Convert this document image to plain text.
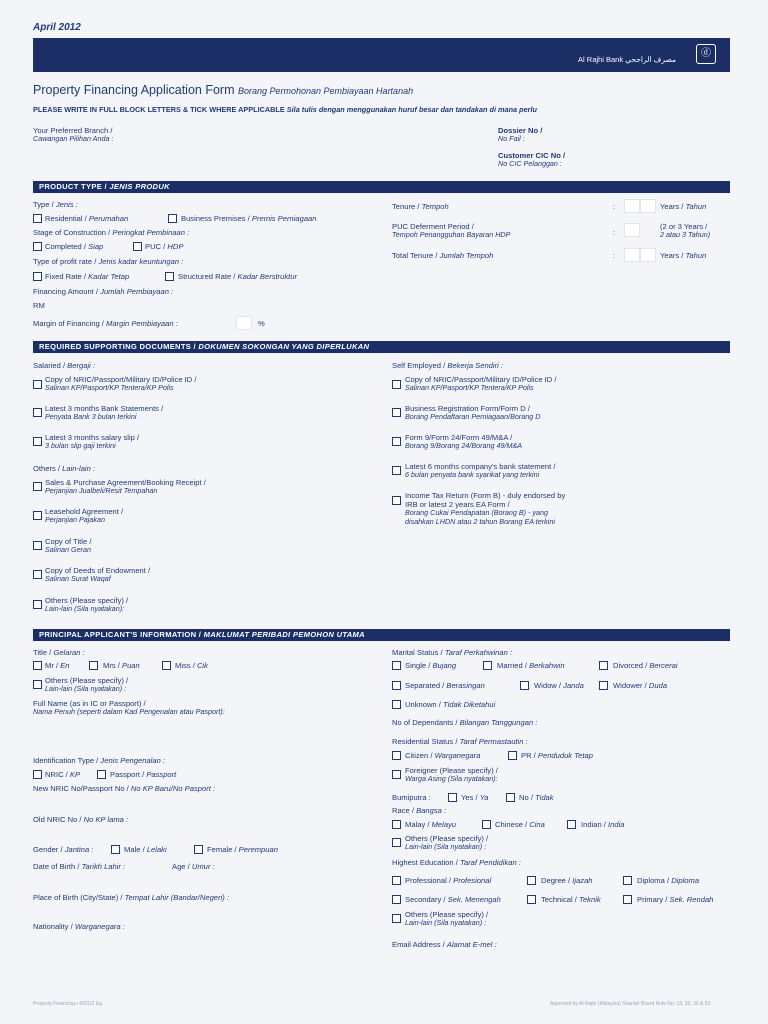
April 2012
Al Rajhi Bank مصرف الراجحي
ⓓ
Property Financing Application Form Borang Permohonan Pembiayaan Hartanah
PLEASE WRITE IN FULL BLOCK LETTERS & TICK WHERE APPLICABLE Sila tulis dengan menggunakan huruf besar dan tandakan di mana perlu
Your Preferred Branch /
Cawangan Pilihan Anda :
Dossier No /
No Fail :
Customer CIC No /
No CIC Pelanggan :
PRODUCT TYPE / JENIS PRODUK
Type / Jenis :
Residential / Perumahan	Business Premises / Premis Perniagaan
Stage of Construction / Peringkat Pembinaan :
Completed / Siap	PUC / HDP
Type of profit rate / Jenis kadar keuntungan :
Fixed Rate / Kadar Tetap	Structured Rate / Kadar Berstruktur
Financing Amount / Jumlah Pembiayaan :
RM
Margin of Financing / Margin Pembiayaan :	%
Tenure / Tempoh	:	Years / Tahun
PUC Deferment Period /
Tempoh Penangguhan Bayaran HDP	:
(2 or 3 Years /
2 atau 3 Tahun)
Total Tenure / Jumlah Tempoh	:	Years / Tahun
REQUIRED SUPPORTING DOCUMENTS / DOKUMEN SOKONGAN YANG DIPERLUKAN
Salaried / Bergaji :
Copy of NRIC/Passport/Military ID/Police ID /
Salinan KP/Pasport/KP Tentera/KP Polis
Latest 3 months Bank Statements /
Penyata Bank 3 bulan terkini
Latest 3 months salary slip /
3 bulan slip gaji terkini
Others / Lain-lain :
Sales & Purchase Agreement/Booking Receipt /
Perjanjian Jualbeli/Resit Tempahan
Leasehold Agreement /
Perjanjian Pajakan
Copy of Title /
Salinan Geran
Copy of Deeds of Endowment /
Salinan Surat Waqaf
Others (Please specify) /
Lain-lain (Sila nyatakan):
Self Employed / Bekerja Sendiri :
Copy of NRIC/Passport/Military ID/Police ID /
Salinan KP/Pasport/KP Tentera/KP Polis
Business Registration Form/Form D /
Borang Pendaftaran Perniagaan/Borang D
Form 9/Form 24/Form 49/M&A /
Borang 9/Borang 24/Borang 49/M&A
Latest 6 months company's bank statement /
6 bulan penyata bank syarikat yang terkini
Income Tax Return (Form B) - duly endorsed by
IRB or latest 2 years EA Form /
Borang Cukai Pendapatan (Borang B) - yang
disahkan LHDN atau 2 tahun Borang EA terkini
PRINCIPAL APPLICANT'S INFORMATION / MAKLUMAT PERIBADI PEMOHON UTAMA
Title / Gelaran :
Mr / En	Mrs / Puan	Miss / Cik
Others (Please specify) /
Lain-lain (Sila nyatakan) :
Full Name (as in IC or Passport) /
Nama Penuh (seperti dalam Kad Pengenalan atau Pasport):
Identification Type / Jenis Pengenalan :
NRIC / KP	Passport / Passport
New NRIC No/Passport No / No KP Baru/No Pasport :
Old NRIC No / No KP lama :
Gender / Jantina :	Male / Lelaki	Female / Perempuan
Date of Birth / Tarikh Lahir :	Age / Umur :
Place of Birth (City/State) / Tempat Lahir (Bandar/Negeri) :
Nationality / Warganegara :
Marital Status / Taraf Perkahwinan :
Single / Bujang	Married / Berkahwin	Divorced / Bercerai
Separated / Berasingan	Widow / Janda	Widower / Duda
Unknown / Tidak Diketahui
No of Dependants / Bilangan Tanggungan :
Residential Status / Taraf Permastautin :
Citizen / Warganegara	PR / Penduduk Tetap
Foreigner (Please specify) /
Warga Asing (Sila nyatakan):
Bumiputra :	Yes / Ya	No / Tidak
Race / Bangsa :
Malay / Melayu	Chinese / Cina	Indian / India
Others (Please specify) /
Lain-lain (Sila nyatakan) :
Highest Education / Taraf Pendidikan :
Professional / Profesional	Degree / Ijazah	Diploma / Diploma
Secondary / Sek. Menengah	Technical / Teknik	Primary / Sek. Rendah
Others (Please specify) /
Lain-lain (Sila nyatakan) :
Email Address / Alamat E-mel :
Property Financing-i 4/2012 Eg	Approved by Al Rajhi (Malaysia) Shariah Board Rule No: 13, 39, 30 & 53
